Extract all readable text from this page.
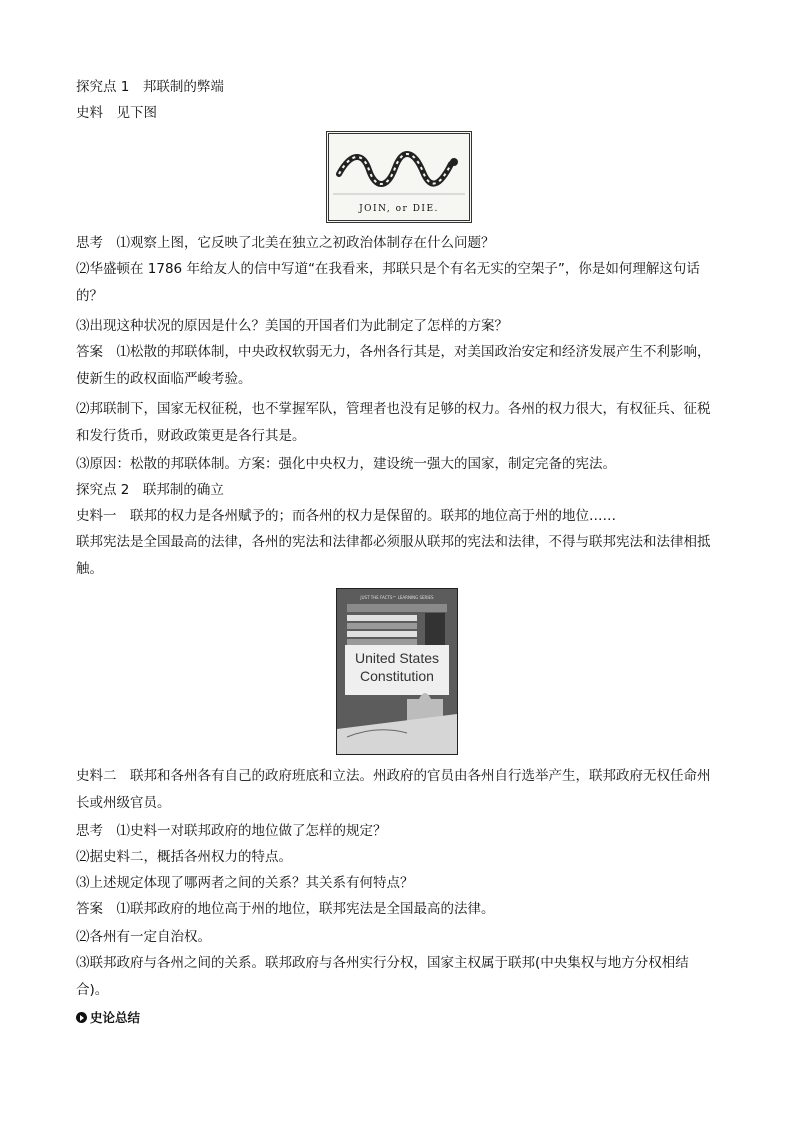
探究点 1　邦联制的弊端
史料　见下图
JOIN, or DIE.
思考　⑴观察上图，它反映了北美在独立之初政治体制存在什么问题？
⑵华盛顿在 1786 年给友人的信中写道“在我看来，邦联只是个有名无实的空架子”，你是如何理解这句话的？
⑶出现这种状况的原因是什么？美国的开国者们为此制定了怎样的方案？
答案　⑴松散的邦联体制，中央政权软弱无力，各州各行其是，对美国政治安定和经济发展产生不利影响，使新生的政权面临严峻考验。
⑵邦联制下，国家无权征税，也不掌握军队，管理者也没有足够的权力。各州的权力很大，有权征兵、征税和发行货币，财政政策更是各行其是。
⑶原因：松散的邦联体制。方案：强化中央权力，建设统一强大的国家，制定完备的宪法。
探究点 2　联邦制的确立
史料一　联邦的权力是各州赋予的；而各州的权力是保留的。联邦的地位高于州的地位……
联邦宪法是全国最高的法律，各州的宪法和法律都必须服从联邦的宪法和法律，不得与联邦宪法和法律相抵触。
JUST THE FACTS™ LEARNING SERIES
United States
Constitution
史料二　联邦和各州各有自己的政府班底和立法。州政府的官员由各州自行选举产生，联邦政府无权任命州长或州级官员。
思考　⑴史料一对联邦政府的地位做了怎样的规定？
⑵据史料二，概括各州权力的特点。
⑶上述规定体现了哪两者之间的关系？其关系有何特点？
答案　⑴联邦政府的地位高于州的地位，联邦宪法是全国最高的法律。
⑵各州有一定自治权。
⑶联邦政府与各州之间的关系。联邦政府与各州实行分权，国家主权属于联邦(中央集权与地方分权相结合)。
史论总结
